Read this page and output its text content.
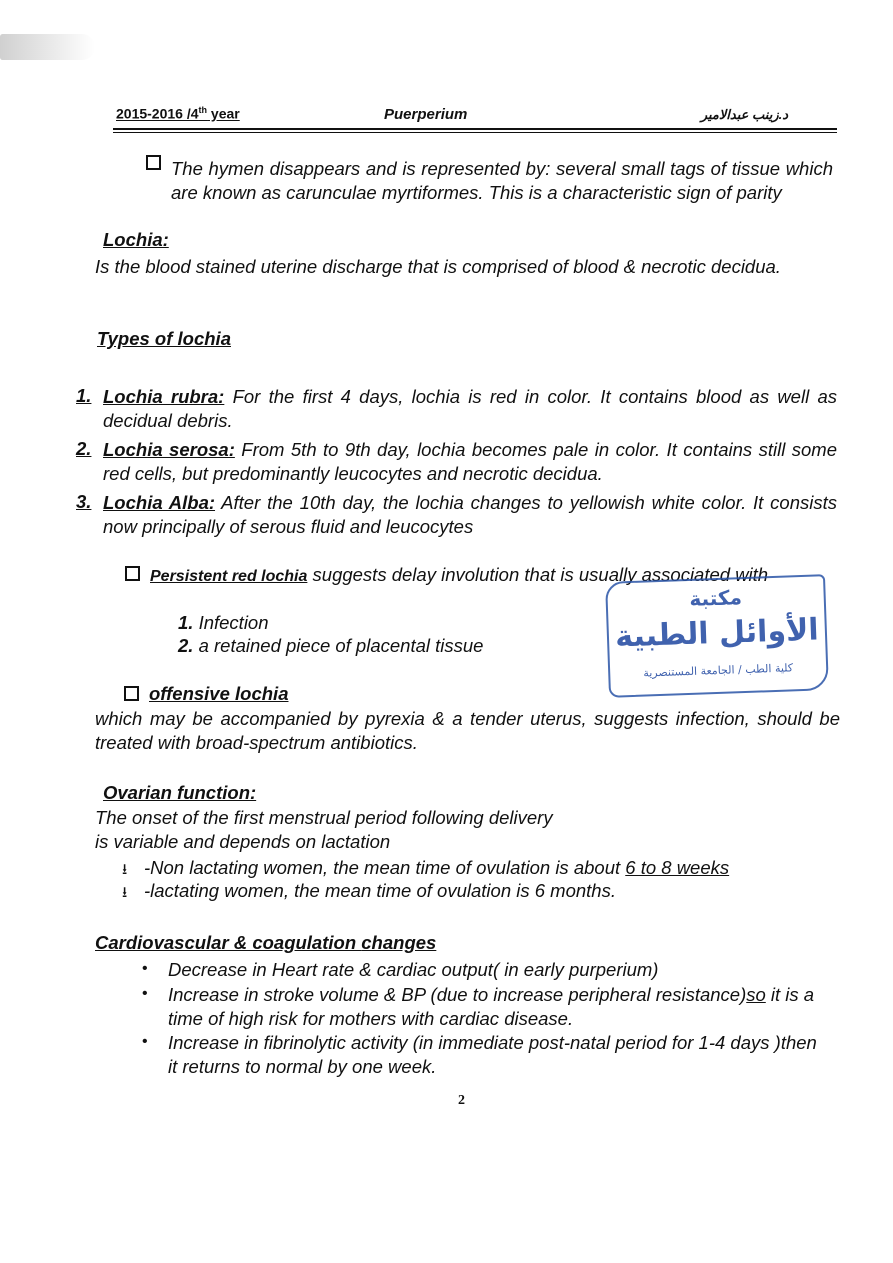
2015-2016 /4th year	Puerperium	د.زينب عبدالامير

The hymen disappears and is represented by: several small tags of tissue which are known as carunculae myrtiformes. This is a characteristic sign of parity

Lochia:

Is the blood stained uterine discharge that is comprised of blood & necrotic decidua.

Types of lochia

1. Lochia rubra: For the first 4 days, lochia is red in color. It contains blood as well as decidual debris.

2. Lochia serosa: From 5th to 9th day, lochia becomes pale in color. It contains still some red cells, but predominantly leucocytes and necrotic decidua.

3. Lochia Alba: After the 10th day, the lochia changes to yellowish white color. It consists now principally of serous fluid and leucocytes

Persistent red lochia suggests delay involution that is usually associated with

1. Infection

2. a retained piece of placental tissue

مكتبة
الأوائل الطبية
كلية الطب / الجامعة المستنصرية

offensive lochia

which may be accompanied by pyrexia & a tender uterus, suggests infection, should be treated with broad-spectrum antibiotics.

Ovarian function:

The onset of the first menstrual period following delivery

is variable and depends on lactation

⭳ -Non lactating women, the mean time of ovulation is about 6 to 8 weeks

⭳ -lactating women, the mean time of ovulation is 6 months.

Cardiovascular & coagulation changes

• Decrease in Heart rate & cardiac output( in early purperium)

• Increase in stroke volume & BP (due to increase peripheral resistance)so it is a time of high risk for mothers with cardiac disease.

• Increase in fibrinolytic activity (in immediate post-natal period for 1-4 days )then it returns to normal by one week.

2
